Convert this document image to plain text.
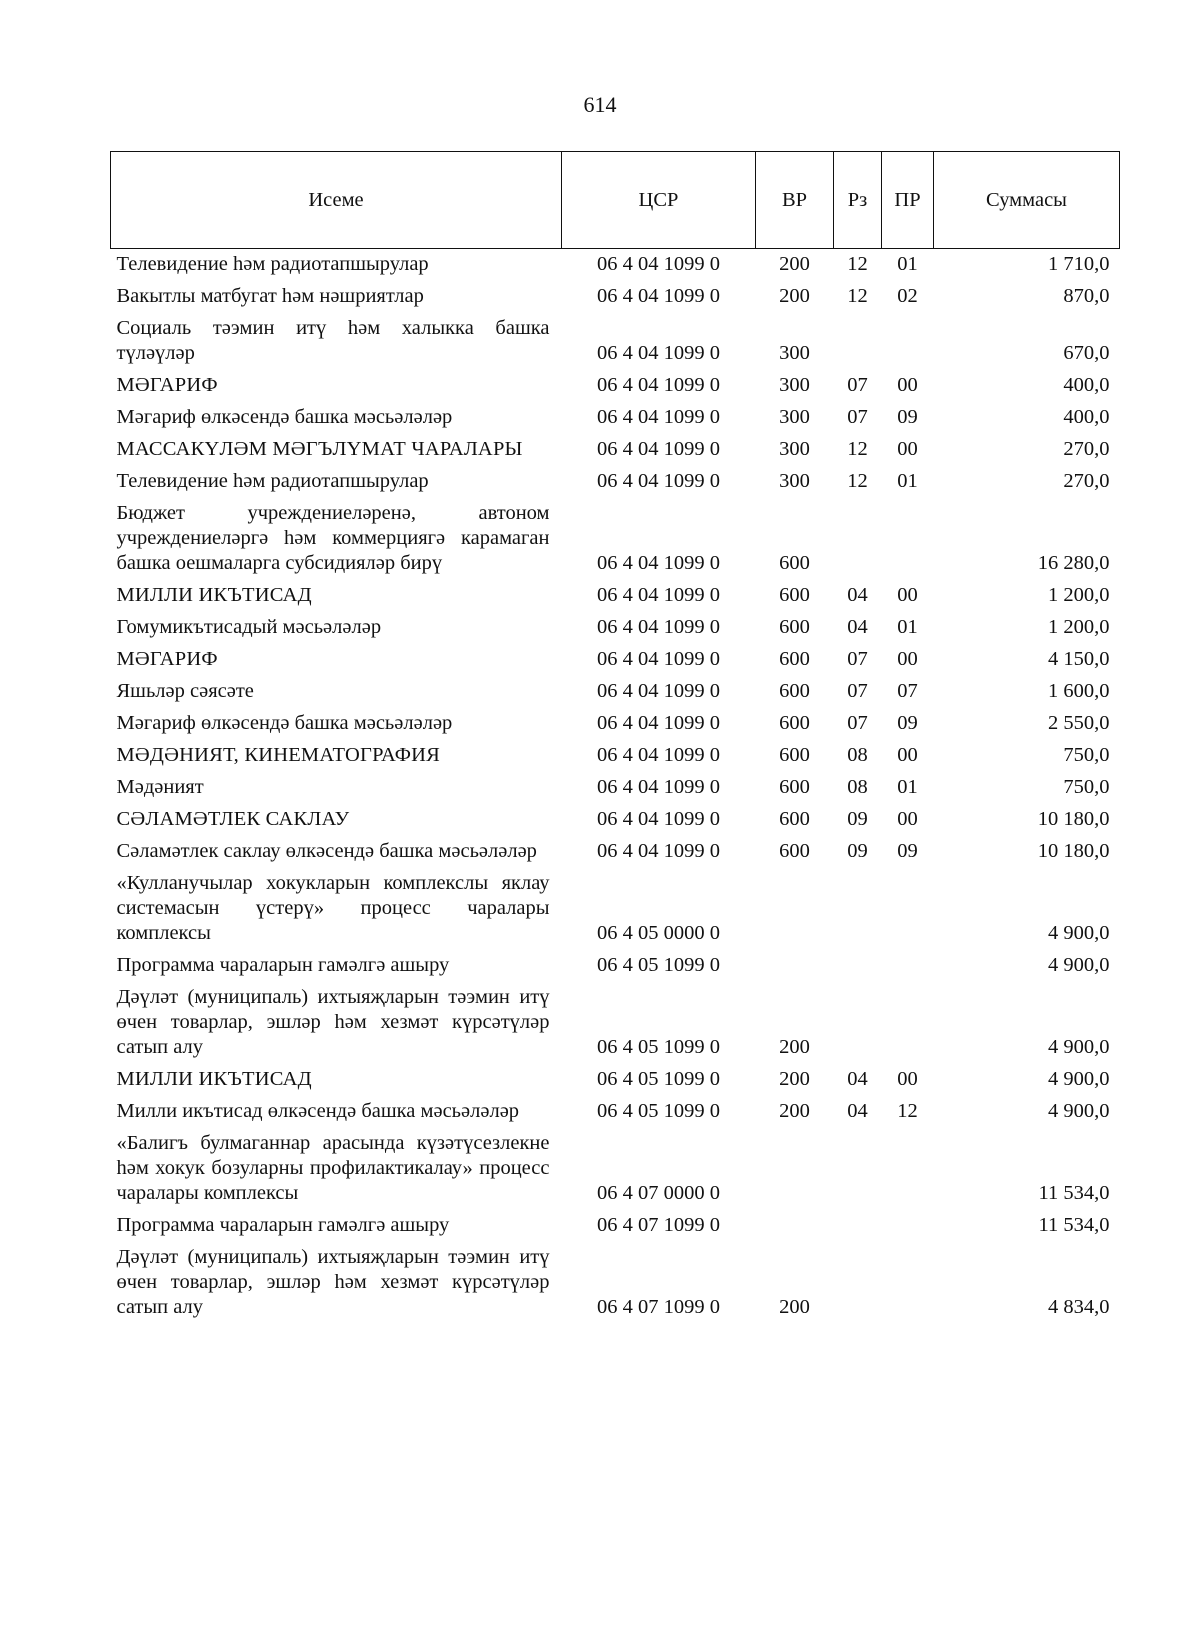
614
Исеме	ЦСР	ВР	Рз	ПР	Суммасы
Телевидение һәм радиотапшырулар	06 4 04 1099 0	200	12	01	1 710,0
Вакытлы матбугат һәм нәшриятлар	06 4 04 1099 0	200	12	02	870,0
Социаль тәэмин итү һәм халыкка башка түләүләр	06 4 04 1099 0	300			670,0
МӘГАРИФ	06 4 04 1099 0	300	07	00	400,0
Мәгариф өлкәсендә башка мәсьәләләр	06 4 04 1099 0	300	07	09	400,0
МАССАКҮЛӘМ МӘГЪЛҮМАТ ЧАРАЛАРЫ	06 4 04 1099 0	300	12	00	270,0
Телевидение һәм радиотапшырулар	06 4 04 1099 0	300	12	01	270,0
Бюджет учреждениеләренә, автоном учреждениеләргә һәм коммерциягә карамаган башка оешмаларга субсидияләр бирү	06 4 04 1099 0	600			16 280,0
МИЛЛИ ИКЪТИСАД	06 4 04 1099 0	600	04	00	1 200,0
Гомумикътисадый мәсьәләләр	06 4 04 1099 0	600	04	01	1 200,0
МӘГАРИФ	06 4 04 1099 0	600	07	00	4 150,0
Яшьләр сәясәте	06 4 04 1099 0	600	07	07	1 600,0
Мәгариф өлкәсендә башка мәсьәләләр	06 4 04 1099 0	600	07	09	2 550,0
МӘДӘНИЯТ, КИНЕМАТОГРАФИЯ	06 4 04 1099 0	600	08	00	750,0
Мәдәният	06 4 04 1099 0	600	08	01	750,0
СӘЛАМӘТЛЕК САКЛАУ	06 4 04 1099 0	600	09	00	10 180,0
Сәламәтлек саклау өлкәсендә башка мәсьәләләр	06 4 04 1099 0	600	09	09	10 180,0
«Кулланучылар хокукларын комплекслы яклау системасын үстерү» процесс чаралары комплексы	06 4 05 0000 0				4 900,0
Программа чараларын гамәлгә ашыру	06 4 05 1099 0				4 900,0
Дәүләт (муниципаль) ихтыяҗларын тәэмин итү өчен товарлар, эшләр һәм хезмәт күрсәтүләр сатып алу	06 4 05 1099 0	200			4 900,0
МИЛЛИ ИКЪТИСАД	06 4 05 1099 0	200	04	00	4 900,0
Милли икътисад өлкәсендә башка мәсьәләләр	06 4 05 1099 0	200	04	12	4 900,0
«Балигъ булмаганнар арасында күзәтүсезлекне һәм хокук бозуларны профилактикалау» процесс чаралары комплексы	06 4 07 0000 0				11 534,0
Программа чараларын гамәлгә ашыру	06 4 07 1099 0				11 534,0
Дәүләт (муниципаль) ихтыяҗларын тәэмин итү өчен товарлар, эшләр һәм хезмәт күрсәтүләр сатып алу	06 4 07 1099 0	200			4 834,0
